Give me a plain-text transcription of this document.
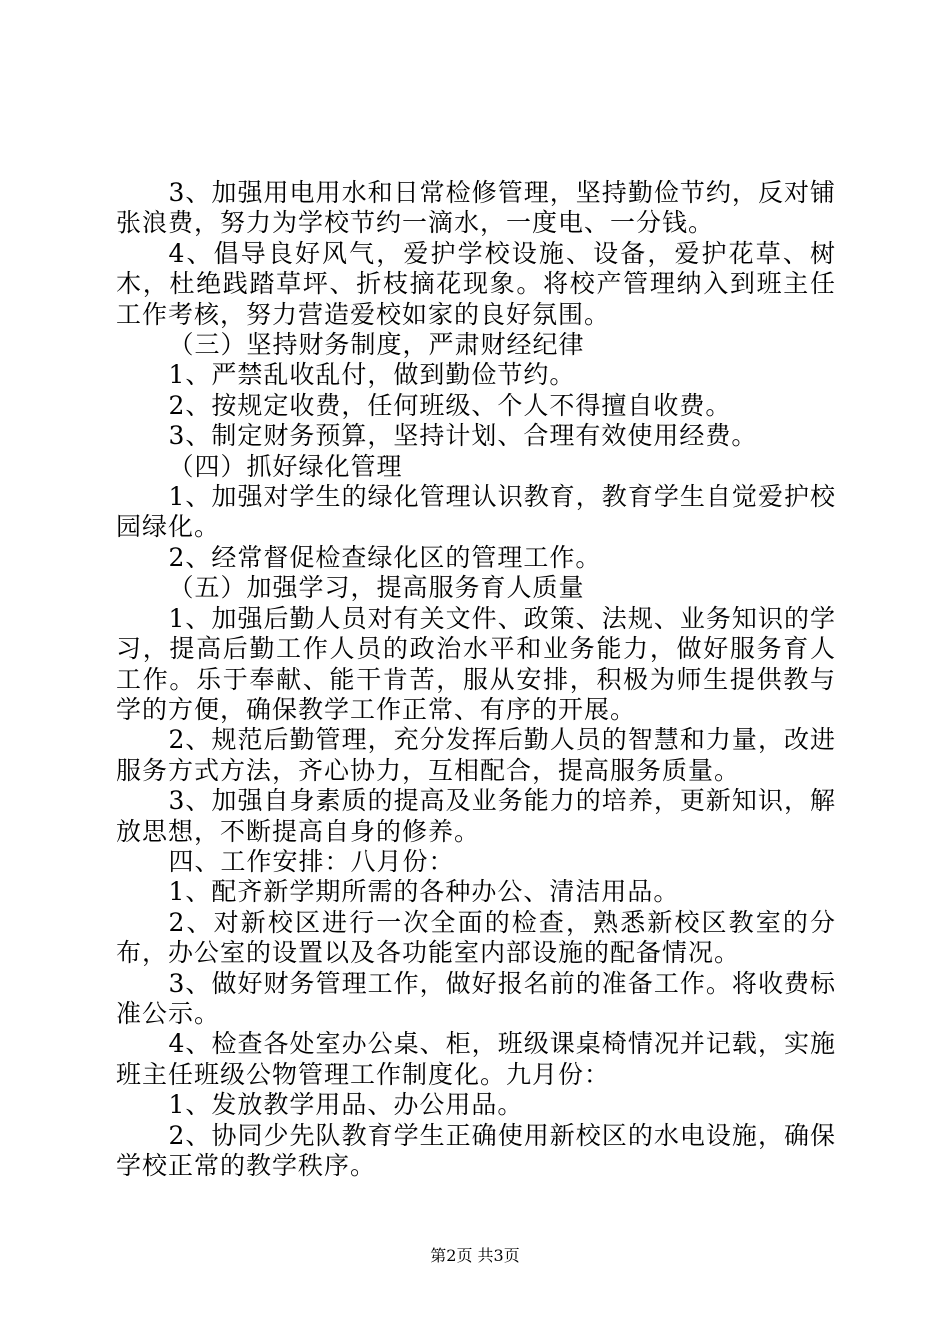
3、加强用电用水和日常检修管理，坚持勤俭节约，反对铺张浪费，努力为学校节约一滴水，一度电、一分钱。

4、倡导良好风气，爱护学校设施、设备，爱护花草、树木，杜绝践踏草坪、折枝摘花现象。将校产管理纳入到班主任工作考核，努力营造爱校如家的良好氛围。

（三）坚持财务制度，严肃财经纪律

1、严禁乱收乱付，做到勤俭节约。

2、按规定收费，任何班级、个人不得擅自收费。

3、制定财务预算，坚持计划、合理有效使用经费。

（四）抓好绿化管理

1、加强对学生的绿化管理认识教育，教育学生自觉爱护校园绿化。

2、经常督促检查绿化区的管理工作。

（五）加强学习，提高服务育人质量

1、加强后勤人员对有关文件、政策、法规、业务知识的学习，提高后勤工作人员的政治水平和业务能力，做好服务育人工作。乐于奉献、能干肯苦，服从安排，积极为师生提供教与学的方便，确保教学工作正常、有序的开展。

2、规范后勤管理，充分发挥后勤人员的智慧和力量，改进服务方式方法，齐心协力，互相配合，提高服务质量。

3、加强自身素质的提高及业务能力的培养，更新知识，解放思想，不断提高自身的修养。

四、工作安排：八月份：

1、配齐新学期所需的各种办公、清洁用品。

2、对新校区进行一次全面的检查，熟悉新校区教室的分布，办公室的设置以及各功能室内部设施的配备情况。

3、做好财务管理工作，做好报名前的准备工作。将收费标准公示。

4、检查各处室办公桌、柜，班级课桌椅情况并记载，实施班主任班级公物管理工作制度化。九月份：

1、发放教学用品、办公用品。

2、协同少先队教育学生正确使用新校区的水电设施，确保学校正常的教学秩序。

第2页 共3页
